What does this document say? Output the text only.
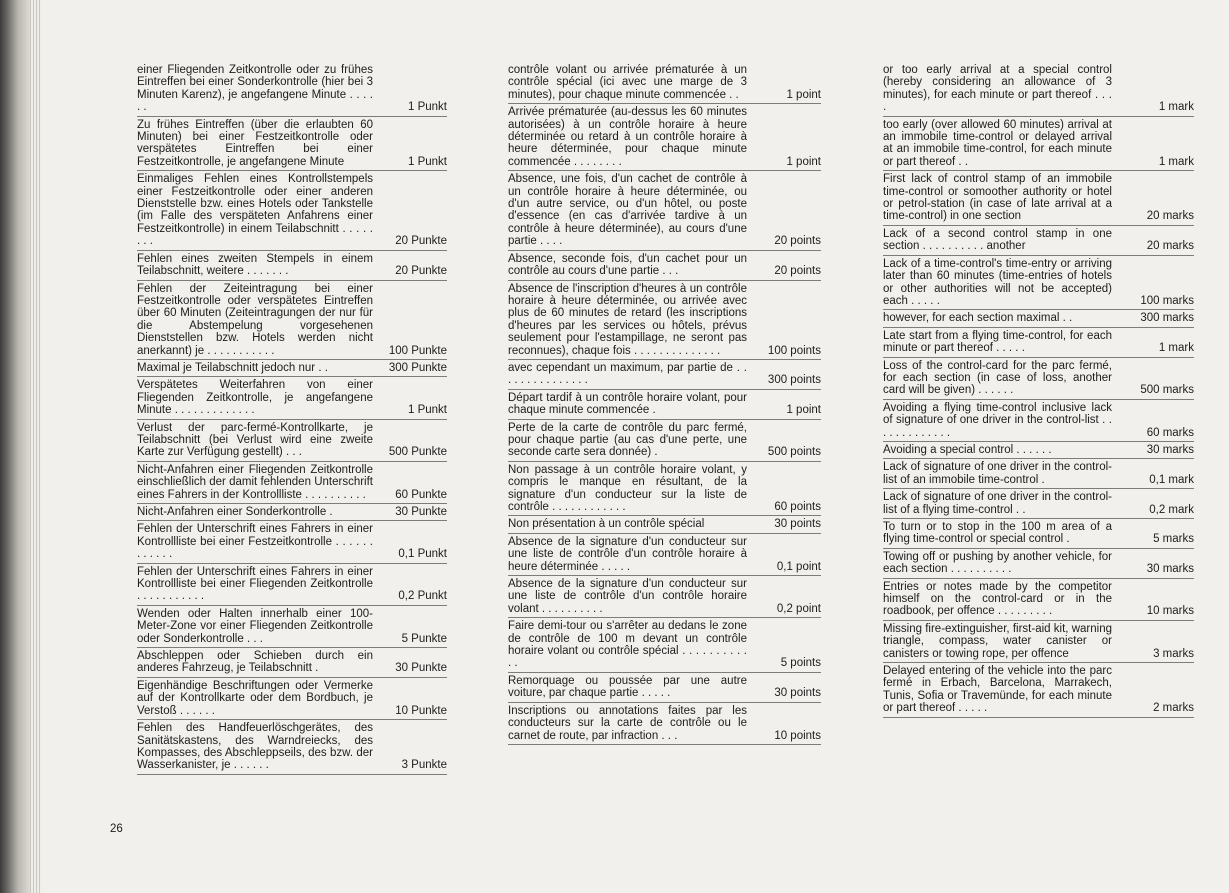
einer Fliegenden Zeitkontrolle oder zu frühes Eintreffen bei einer Sonderkontrolle (hier bei 3 Minuten Karenz), je angefangene Minute . . . . . .	1 Punkt
Zu frühes Eintreffen (über die erlaubten 60 Minuten) bei einer Festzeitkontrolle oder verspätetes Eintreffen bei einer Festzeitkontrolle, je angefangene Minute	1 Punkt
Einmaliges Fehlen eines Kontrollstempels einer Festzeitkontrolle oder einer anderen Dienststelle bzw. eines Hotels oder Tankstelle (im Falle des verspäteten Anfahrens einer Festzeitkontrolle) in einem Teilabschnitt . . . . . . . .	20 Punkte
Fehlen eines zweiten Stempels in einem Teilabschnitt, weitere . . . . . . .	20 Punkte
Fehlen der Zeiteintragung bei einer Festzeitkontrolle oder verspätetes Eintreffen über 60 Minuten (Zeiteintragungen der nur für die Abstempelung vorgesehenen Dienststellen bzw. Hotels werden nicht anerkannt) je . . . . . . . . . . .	100 Punkte
Maximal je Teilabschnitt jedoch nur . .	300 Punkte
Verspätetes Weiterfahren von einer Fliegenden Zeitkontrolle, je angefangene Minute . . . . . . . . . . . . .	1 Punkt
Verlust der parc-fermé-Kontrollkarte, je Teilabschnitt (bei Verlust wird eine zweite Karte zur Verfügung gestellt) . . .	500 Punkte
Nicht-Anfahren einer Fliegenden Zeitkontrolle einschließlich der damit fehlenden Unterschrift eines Fahrers in der Kontrollliste . . . . . . . . . .	60 Punkte
Nicht-Anfahren einer Sonderkontrolle .	30 Punkte
Fehlen der Unterschrift eines Fahrers in einer Kontrollliste bei einer Festzeitkontrolle . . . . . . . . . . . .	0,1 Punkt
Fehlen der Unterschrift eines Fahrers in einer Kontrollliste bei einer Fliegenden Zeitkontrolle . . . . . . . . . . .	0,2 Punkt
Wenden oder Halten innerhalb einer 100-Meter-Zone vor einer Fliegenden Zeitkontrolle oder Sonderkontrolle . . .	5 Punkte
Abschleppen oder Schieben durch ein anderes Fahrzeug, je Teilabschnitt .	30 Punkte
Eigenhändige Beschriftungen oder Vermerke auf der Kontrollkarte oder dem Bordbuch, je Verstoß . . . . . .	10 Punkte
Fehlen des Handfeuerlöschgerätes, des Sanitätskastens, des Warndreiecks, des Kompasses, des Abschleppseils, des bzw. der Wasserkanister, je . . . . . .	3 Punkte
contrôle volant ou arrivée prématurée à un contrôle spécial (ici avec une marge de 3 minutes), pour chaque minute commencée . .	1 point
Arrivée prématurée (au-dessus les 60 minutes autorisées) à un contrôle horaire à heure déterminée ou retard à un contrôle horaire à heure déterminée, pour chaque minute commencée . . . . . . . .	1 point
Absence, une fois, d'un cachet de contrôle à un contrôle horaire à heure déterminée, ou d'un autre service, ou d'un hôtel, ou poste d'essence (en cas d'arrivée tardive à un contrôle à heure déterminée), au cours d'une partie . . . .	20 points
Absence, seconde fois, d'un cachet pour un contrôle au cours d'une partie . . .	20 points
Absence de l'inscription d'heures à un contrôle horaire à heure déterminée, ou arrivée avec plus de 60 minutes de retard (les inscriptions d'heures par les services ou hôtels, prévus seulement pour l'estampillage, ne seront pas reconnues), chaque fois . . . . . . . . . . . . . .	100 points
avec cependant un maximum, par partie de . . . . . . . . . . . . . . .	300 points
Départ tardif à un contrôle horaire volant, pour chaque minute commencée .	1 point
Perte de la carte de contrôle du parc fermé, pour chaque partie (au cas d'une perte, une seconde carte sera donnée) .	500 points
Non passage à un contrôle horaire volant, y compris le manque en résultant, de la signature d'un conducteur sur la liste de contrôle . . . . . . . . . . . .	60 points
Non présentation à un contrôle spécial	30 points
Absence de la signature d'un conducteur sur une liste de contrôle d'un contrôle horaire à heure déterminée . . . . .	0,1 point
Absence de la signature d'un conducteur sur une liste de contrôle d'un contrôle horaire volant . . . . . . . . . .	0,2 point
Faire demi-tour ou s'arrêter au dedans le zone de contrôle de 100 m devant un contrôle horaire volant ou contrôle spécial . . . . . . . . . . . .	5 points
Remorquage ou poussée par une autre voiture, par chaque partie . . . . .	30 points
Inscriptions ou annotations faites par les conducteurs sur la carte de contrôle ou le carnet de route, par infraction . . .	10 points
or too early arrival at a special control (hereby considering an allowance of 3 minutes), for each minute or part thereof . . . .	1 mark
too early (over allowed 60 minutes) arrival at an immobile time-control or delayed arrival at an immobile time-control, for each minute or part thereof . .	1 mark
First lack of control stamp of an immobile time-control or somoother authority or hotel or petrol-station (in case of late arrival at a time-control) in one section	20 marks
Lack of a second control stamp in one section . . . . . . . . . . another	20 marks
Lack of a time-control's time-entry or arriving later than 60 minutes (time-entries of hotels or other authorities will not be accepted) each . . . . .	100 marks
however, for each section maximal . .	300 marks
Late start from a flying time-control, for each minute or part thereof . . . . .	1 mark
Loss of the control-card for the parc fermé, for each section (in case of loss, another card will be given) . . . . . .	500 marks
Avoiding a flying time-control inclusive lack of signature of one driver in the control-list . . . . . . . . . . . . .	60 marks
Avoiding a special control . . . . . .	30 marks
Lack of signature of one driver in the control-list of an immobile time-control .	0,1 mark
Lack of signature of one driver in the control-list of a flying time-control . .	0,2 mark
To turn or to stop in the 100 m area of a flying time-control or special control .	5 marks
Towing off or pushing by another vehicle, for each section . . . . . . . . . .	30 marks
Entries or notes made by the competitor himself on the control-card or in the roadbook, per offence . . . . . . . . .	10 marks
Missing fire-extinguisher, first-aid kit, warning triangle, compass, water canister or canisters or towing rope, per offence	3 marks
Delayed entering of the vehicle into the parc fermé in Erbach, Barcelona, Marrakech, Tunis, Sofia or Travemünde, for each minute or part thereof . . . . .	2 marks
26
